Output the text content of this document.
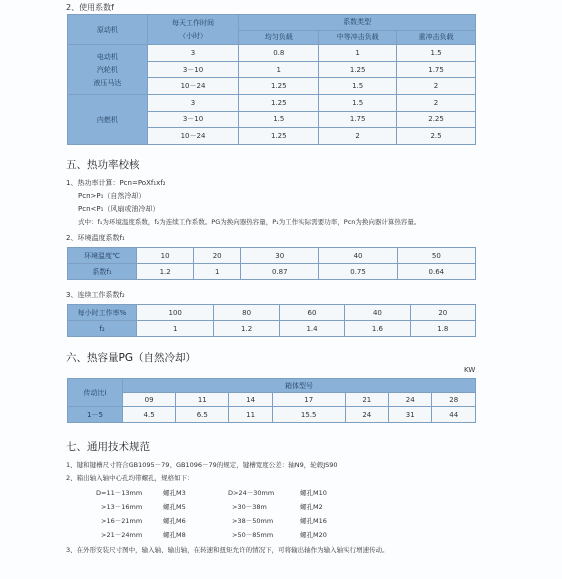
2、使用系数f
原动机	每天工作时间
（小时）	系数类型		
		均匀负载	中等冲击负载	重冲击负载

电动机
汽轮机
液压马达	3	0.8	1	1.5
	3－10	1	1.25	1.75
	10－24	1.25	1.5	2
内燃机	3	1.25	1.5	2
	3－10	1.5	1.75	2.25
	10－24	1.25	2	2.5
五、热功率校核
1、热功率计算：Pcn=PoXf₁xf₂
Pcn>P₁（自然冷却）
Pcn<P₁（风扇或油冷却）
式中：f₁为环境温度系数，f₂为连续工作系数。PG为换向器热容量，P₁为工作实际需要功率，Pcn为换向器计算热容量。
2、环境温度系数f₁
环境温度℃	10	20	30	40	50
系数f₁	1.2	1	0.87	0.75	0.64
3、连续工作系数f₂
每小时工作率%	100	80	60	40	20
f₂	1	1.2	1.4	1.6	1.8
六、热容量PG（自然冷却）
KW
传动比i	箱体型号						
	09	11	14	17	21	24	28
1－5	4.5	6.5	11	15.5	24	31	44
七、通用技术规范
1、键和键槽尺寸符合GB1095－79、GB1096－79的规定，键槽宽度公差：轴N9，轮毂JS90
2、箱出轴入轴中心孔均带螺孔，规格如下：
D=11－13mm	螺孔M3	D>24－30mm	螺孔M10
>13－16mm	螺孔M5	>30－38m	螺孔M2
>16－21mm	螺孔M6	>38－50mm	螺孔M16
>21－24mm	螺孔M8	>50－85mm	螺孔M20
3、在外形安装尺寸图中，输入轴、输出轴，在转速和扭矩允许的情况下，可将输出轴作为输入轴实行增速传动。
